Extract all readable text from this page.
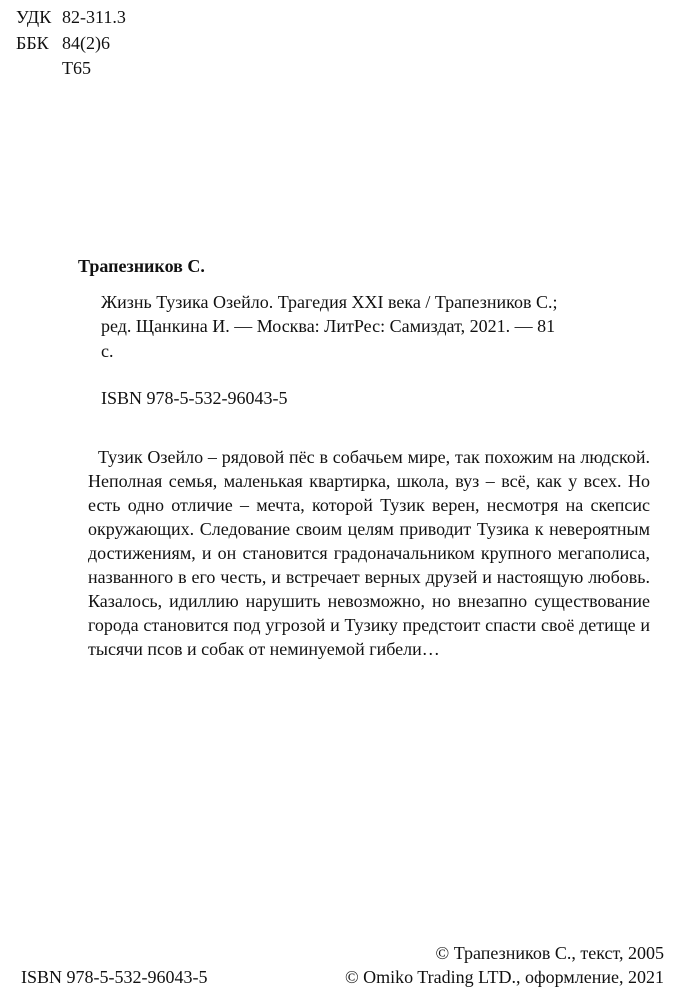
УДК 82-311.3
ББК 84(2)6
Т65
Трапезников С.
Жизнь Тузика Озейло. Трагедия XXI века / Трапезников С.;
ред. Щанкина И. — Москва: ЛитРес: Самиздат, 2021. — 81
с.
ISBN 978-5-532-96043-5
Тузик Озейло – рядовой пёс в собачьем мире, так похожим на людской.
Неполная семья, маленькая квартирка, школа, вуз – всё, как у всех. Но
есть одно отличие – мечта, которой Тузик верен, несмотря на скепсис
окружающих. Следование своим целям приводит Тузика к невероятным
достижениям, и он становится градоначальником крупного мегаполиса,
названного в его честь, и встречает верных друзей и настоящую любовь.
Казалось, идиллию нарушить невозможно, но внезапно существование
города становится под угрозой и Тузику предстоит спасти своё детище и
тысячи псов и собак от неминуемой гибели…
ISBN 978-5-532-96043-5
© Трапезников С., текст, 2005
© Omiko Trading LTD., оформление, 2021
